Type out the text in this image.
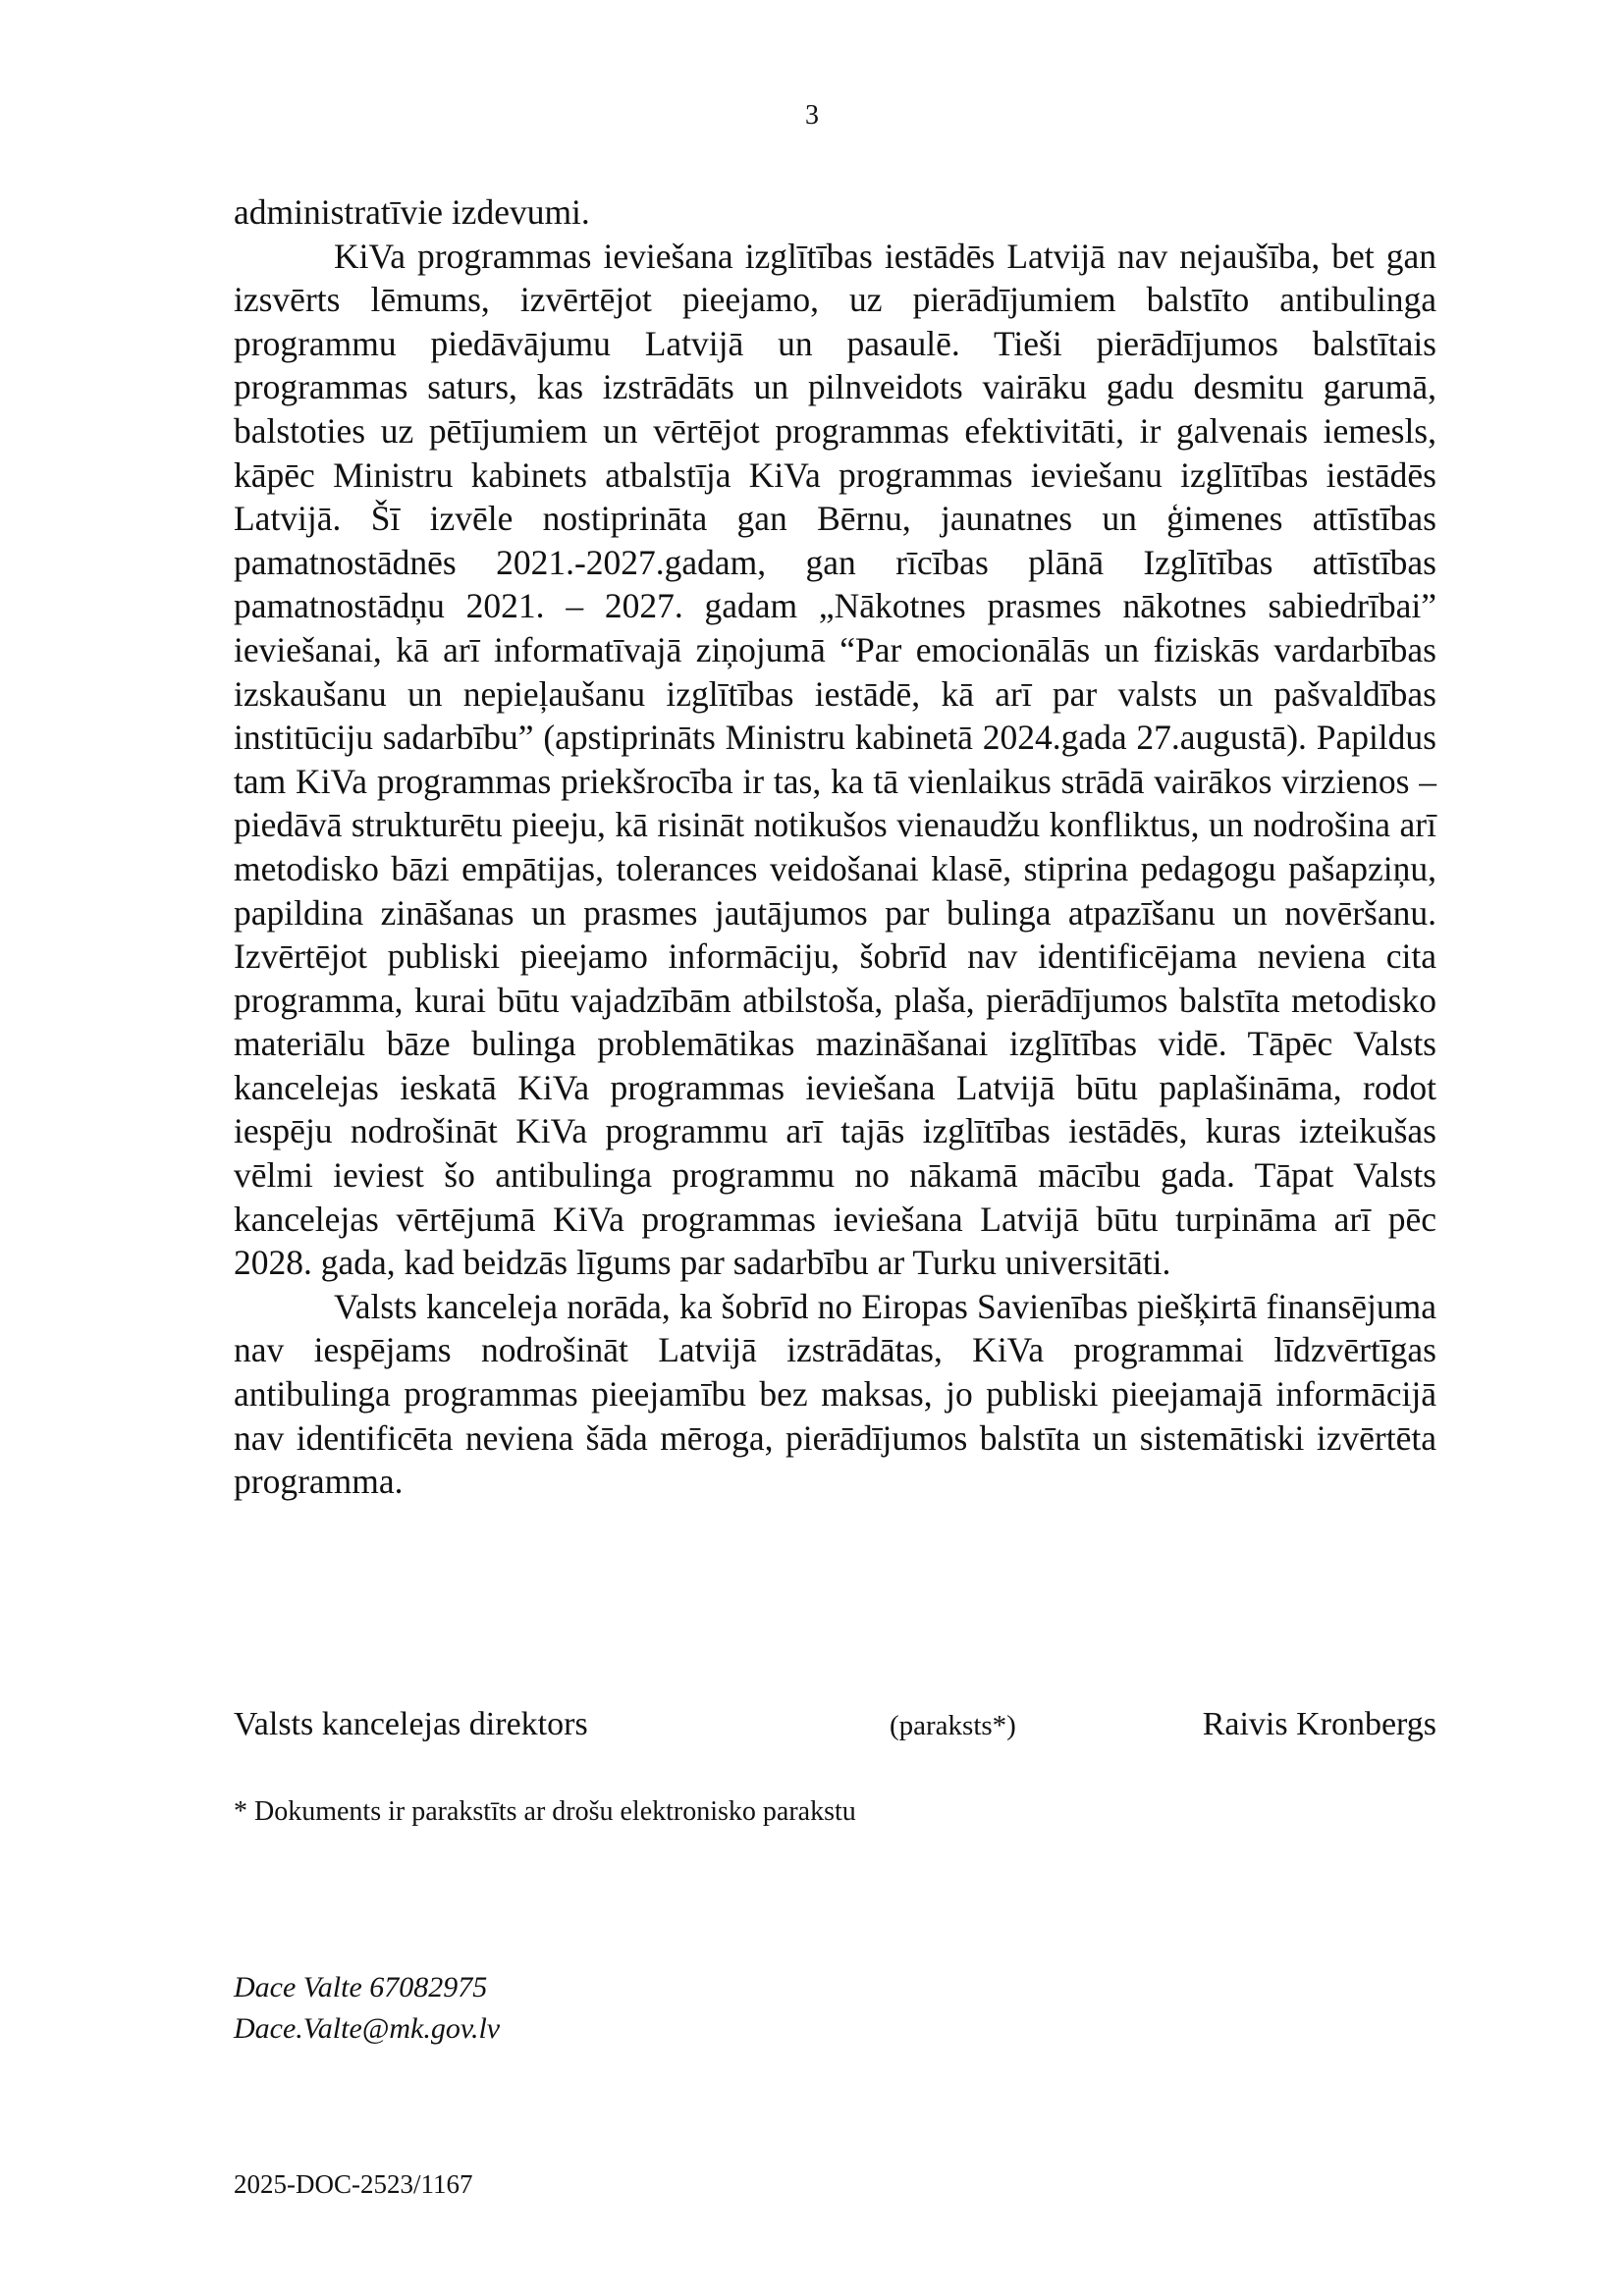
3

administratīvie izdevumi.

KiVa programmas ieviešana izglītības iestādēs Latvijā nav nejaušība, bet gan izsvērts lēmums, izvērtējot pieejamo, uz pierādījumiem balstīto antibulinga programmu piedāvājumu Latvijā un pasaulē. Tieši pierādījumos balstītais programmas saturs, kas izstrādāts un pilnveidots vairāku gadu desmitu garumā, balstoties uz pētījumiem un vērtējot programmas efektivitāti, ir galvenais iemesls, kāpēc Ministru kabinets atbalstīja KiVa programmas ieviešanu izglītības iestādēs Latvijā. Šī izvēle nostiprināta gan Bērnu, jaunatnes un ģimenes attīstības pamatnostādnēs 2021.-2027.gadam, gan rīcības plānā Izglītības attīstības pamatnostādņu 2021. – 2027. gadam „Nākotnes prasmes nākotnes sabiedrībai” ieviešanai, kā arī informatīvajā ziņojumā “Par emocionālās un fiziskās vardarbības izskaušanu un nepieļaušanu izglītības iestādē, kā arī par valsts un pašvaldības institūciju sadarbību” (apstiprināts Ministru kabinetā 2024.gada 27.augustā). Papildus tam KiVa programmas priekšrocība ir tas, ka tā vienlaikus strādā vairākos virzienos – piedāvā strukturētu pieeju, kā risināt notikušos vienaudžu konfliktus, un nodrošina arī metodisko bāzi empātijas, tolerances veidošanai klasē, stiprina pedagogu pašapziņu, papildina zināšanas un prasmes jautājumos par bulinga atpazīšanu un novēršanu. Izvērtējot publiski pieejamo informāciju, šobrīd nav identificējama neviena cita programma, kurai būtu vajadzībām atbilstoša, plaša, pierādījumos balstīta metodisko materiālu bāze bulinga problemātikas mazināšanai izglītības vidē. Tāpēc Valsts kancelejas ieskatā KiVa programmas ieviešana Latvijā būtu paplašināma, rodot iespēju nodrošināt KiVa programmu arī tajās izglītības iestādēs, kuras izteikušas vēlmi ieviest šo antibulinga programmu no nākamā mācību gada. Tāpat Valsts kancelejas vērtējumā KiVa programmas ieviešana Latvijā būtu turpināma arī pēc 2028. gada, kad beidzās līgums par sadarbību ar Turku universitāti.

Valsts kanceleja norāda, ka šobrīd no Eiropas Savienības piešķirtā finansējuma nav iespējams nodrošināt Latvijā izstrādātas, KiVa programmai līdzvērtīgas antibulinga programmas pieejamību bez maksas, jo publiski pieejamajā informācijā nav identificēta neviena šāda mēroga, pierādījumos balstīta un sistemātiski izvērtēta programma.

Valsts kancelejas direktors	(paraksts*)	Raivis Kronbergs
* Dokuments ir parakstīts ar drošu elektronisko parakstu
Dace Valte 67082975
Dace.Valte@mk.gov.lv
2025-DOC-2523/1167
